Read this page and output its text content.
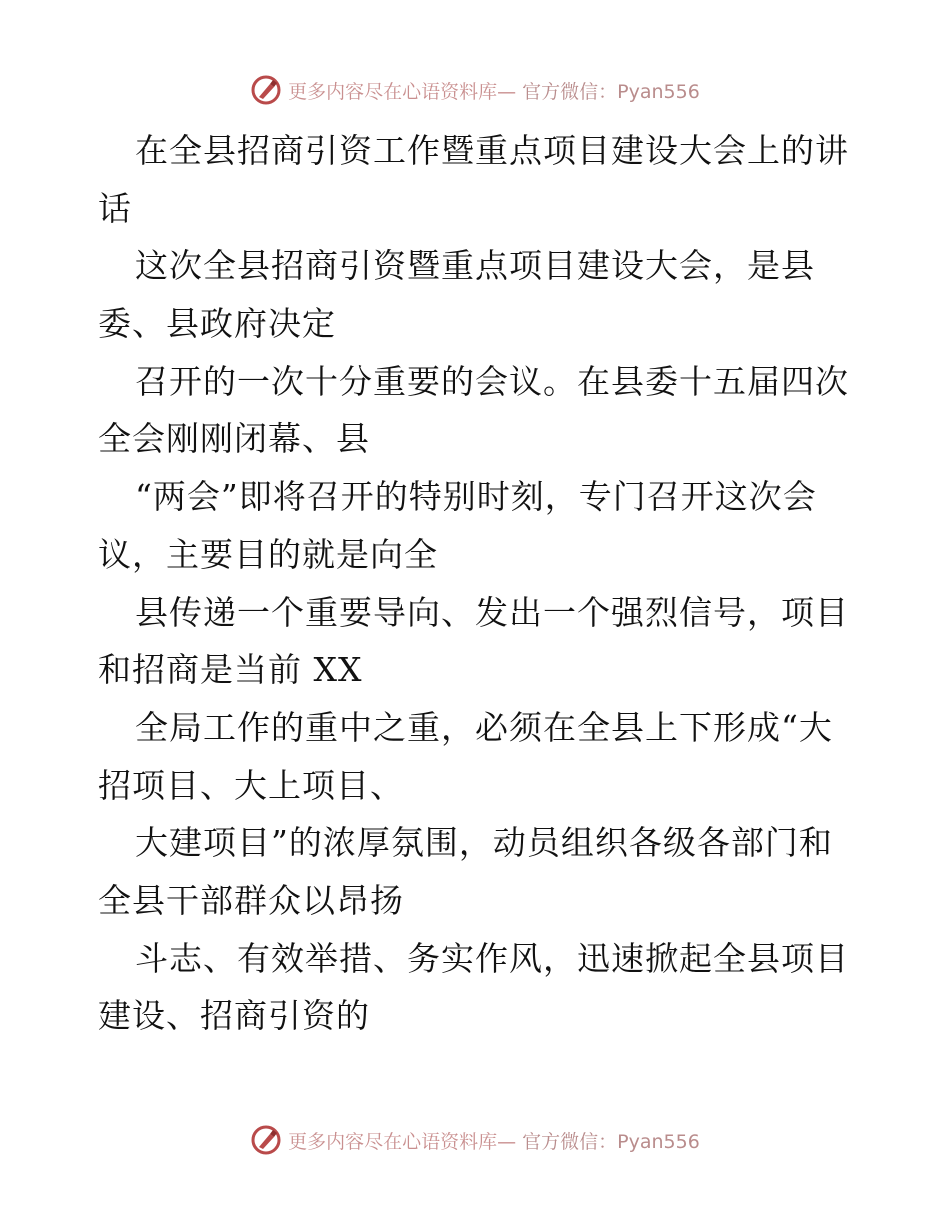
更多内容尽在心语资料库— 官方微信：Pyan556
在全县招商引资工作暨重点项目建设大会上的讲
话
这次全县招商引资暨重点项目建设大会，是县
委、县政府决定
召开的一次十分重要的会议。在县委十五届四次
全会刚刚闭幕、县
“两会”即将召开的特别时刻，专门召开这次会
议，主要目的就是向全
县传递一个重要导向、发出一个强烈信号，项目
和招商是当前 XX
全局工作的重中之重，必须在全县上下形成“大
招项目、大上项目、
大建项目”的浓厚氛围，动员组织各级各部门和
全县干部群众以昂扬
斗志、有效举措、务实作风，迅速掀起全县项目
建设、招商引资的
更多内容尽在心语资料库— 官方微信：Pyan556
